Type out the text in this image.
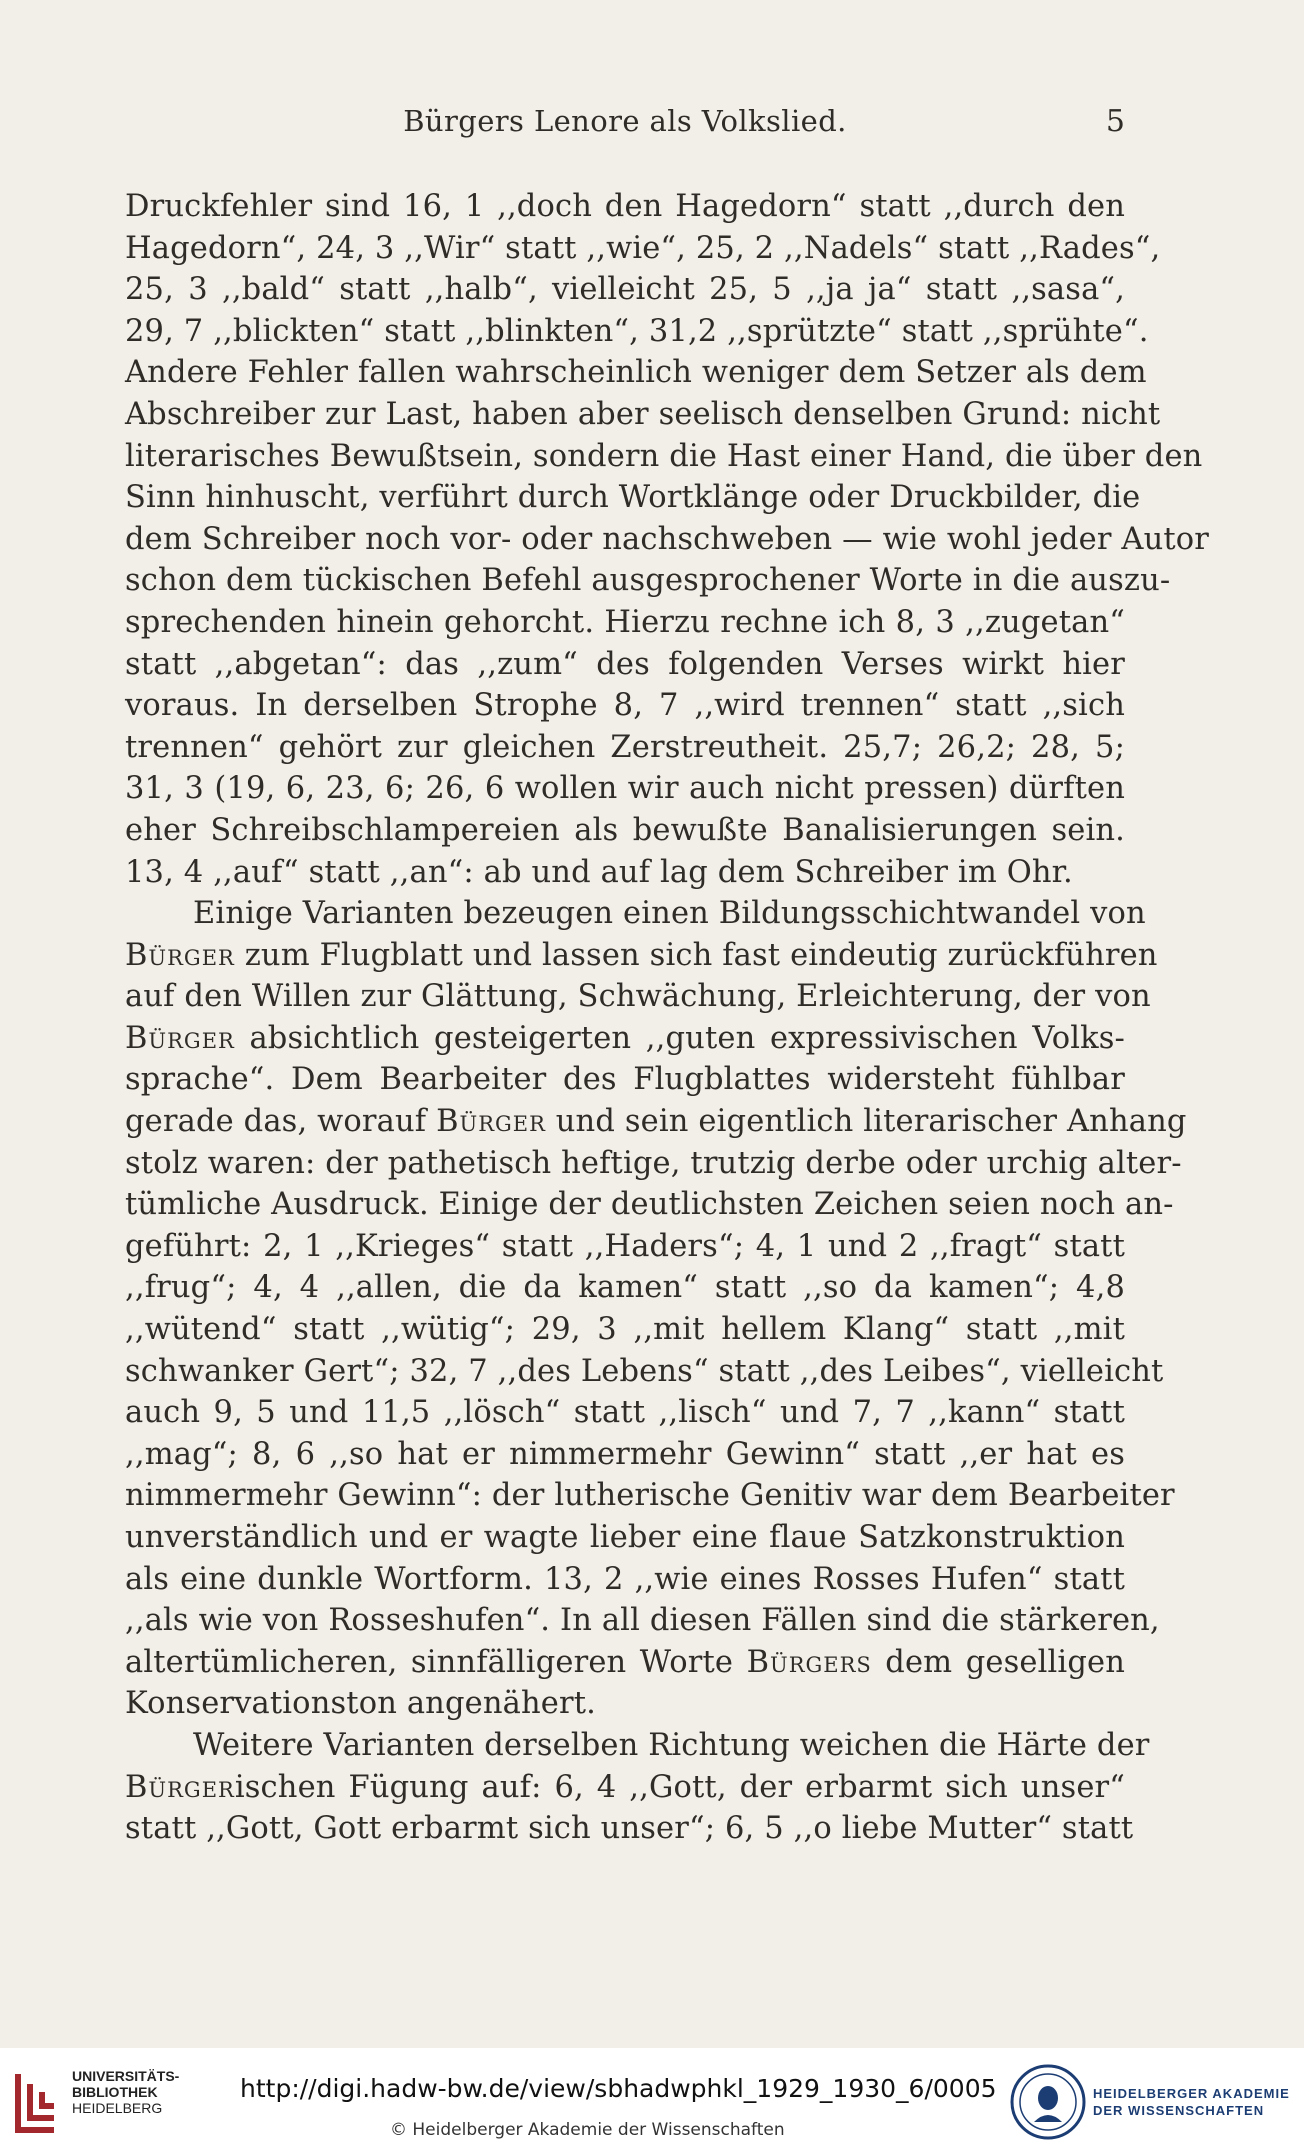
Bürgers Lenore als Volkslied.	5
Druckfehler sind 16, 1 ,,doch den Hagedorn“ statt ,,durch den
Hagedorn“, 24, 3 ,,Wir“ statt ,,wie“, 25, 2 ,,Nadels“ statt ,,Rades“,
25, 3 ,,bald“ statt ,,halb“, vielleicht 25, 5 ,,ja ja“ statt ,,sasa“,
29, 7 ,,blickten“ statt ,,blinkten“, 31,2 ,,sprützte“ statt ,,sprühte“.
Andere Fehler fallen wahrscheinlich weniger dem Setzer als dem
Abschreiber zur Last, haben aber seelisch denselben Grund: nicht
literarisches Bewußtsein, sondern die Hast einer Hand, die über den
Sinn hinhuscht, verführt durch Wortklänge oder Druckbilder, die
dem Schreiber noch vor- oder nachschweben — wie wohl jeder Autor
schon dem tückischen Befehl ausgesprochener Worte in die auszu-
sprechenden hinein gehorcht. Hierzu rechne ich 8, 3 ,,zugetan“
statt ,,abgetan“: das ,,zum“ des folgenden Verses wirkt hier
voraus. In derselben Strophe 8, 7 ,,wird trennen“ statt ,,sich
trennen“ gehört zur gleichen Zerstreutheit. 25,7; 26,2; 28, 5;
31, 3 (19, 6, 23, 6; 26, 6 wollen wir auch nicht pressen) dürften
eher Schreibschlampereien als bewußte Banalisierungen sein.
13, 4 ,,auf“ statt ,,an“: ab und auf lag dem Schreiber im Ohr.
Einige Varianten bezeugen einen Bildungsschichtwandel von
Bürger zum Flugblatt und lassen sich fast eindeutig zurückführen
auf den Willen zur Glättung, Schwächung, Erleichterung, der von
Bürger absichtlich gesteigerten ,,guten expressivischen Volks-
sprache“. Dem Bearbeiter des Flugblattes widersteht fühlbar
gerade das, worauf Bürger und sein eigentlich literarischer Anhang
stolz waren: der pathetisch heftige, trutzig derbe oder urchig alter-
tümliche Ausdruck. Einige der deutlichsten Zeichen seien noch an-
geführt: 2, 1 ,,Krieges“ statt ,,Haders“; 4, 1 und 2 ,,fragt“ statt
,,frug“; 4, 4 ,,allen, die da kamen“ statt ,,so da kamen“; 4,8
,,wütend“ statt ,,wütig“; 29, 3 ,,mit hellem Klang“ statt ,,mit
schwanker Gert“; 32, 7 ,,des Lebens“ statt ,,des Leibes“, vielleicht
auch 9, 5 und 11,5 ,,lösch“ statt ,,lisch“ und 7, 7 ,,kann“ statt
,,mag“; 8, 6 ,,so hat er nimmermehr Gewinn“ statt ,,er hat es
nimmermehr Gewinn“: der lutherische Genitiv war dem Bearbeiter
unverständlich und er wagte lieber eine flaue Satzkonstruktion
als eine dunkle Wortform. 13, 2 ,,wie eines Rosses Hufen“ statt
,,als wie von Rosseshufen“. In all diesen Fällen sind die stärkeren,
altertümlicheren, sinnfälligeren Worte Bürgers dem geselligen
Konservationston angenähert.
Weitere Varianten derselben Richtung weichen die Härte der
Bürgerischen Fügung auf: 6, 4 ,,Gott, der erbarmt sich unser“
statt ,,Gott, Gott erbarmt sich unser“; 6, 5 ,,o liebe Mutter“ statt
UNIVERSITÄTS-
BIBLIOTHEK
HEIDELBERG
http://digi.hadw-bw.de/view/sbhadwphkl_1929_1930_6/0005
© Heidelberger Akademie der Wissenschaften
HEIDELBERGER AKADEMIE
DER WISSENSCHAFTEN
